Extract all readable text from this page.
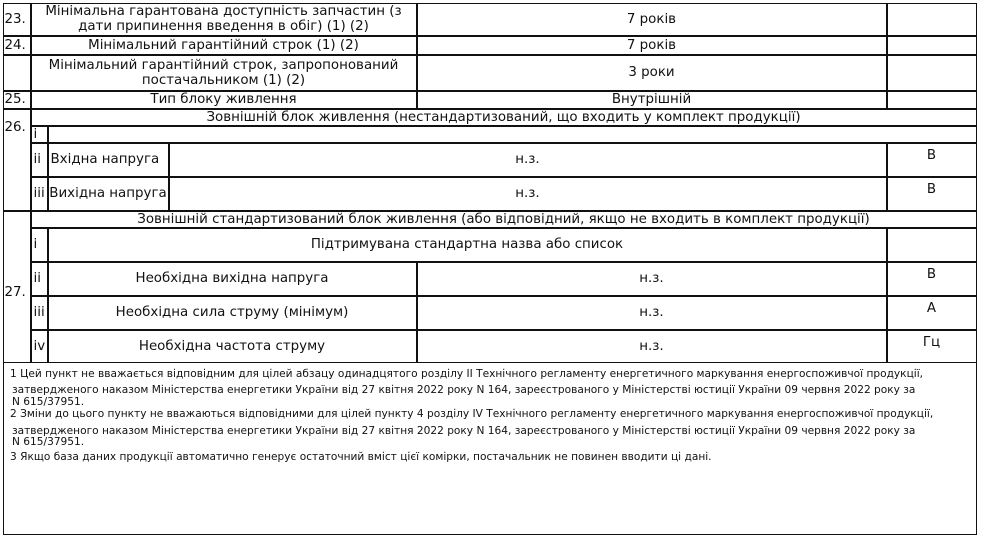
23.	Мінімальна гарантована доступність запчастин (з дати припинення введення в обіг) (1) (2)	7 років
24.	Мінімальний гарантійний строк (1) (2)	7 років
Мінімальний гарантійний строк, запропонований постачальником (1) (2)	3 роки
25.	Тип блоку живлення	Внутрішній
26.
Зовнішній блок живлення (нестандартизований, що входить у комплект продукції)
i
ii Вхідна напруга	н.з.	В
iii Вихідна напруга	н.з.	В
27.
Зовнішній стандартизований блок живлення (або відповідний, якщо не входить в комплект продукції)
i	Підтримувана стандартна назва або список
ii	Необхідна вихідна напруга	н.з.	В
iii	Необхідна сила струму (мінімум)	н.з.	А
iv	Необхідна частота струму	н.з.	Гц

1 Цей пункт не вважається відповідним для цілей абзацу одинадцятого розділу II Технічного регламенту енергетичного маркування енергоспоживчої продукції,

затвердженого наказом Міністерства енергетики України від 27 квітня 2022 року N 164, зареєстрованого у Міністерстві юстиції України 09 червня 2022 року за

N 615/37951.

2 Зміни до цього пункту не вважаються відповідними для цілей пункту 4 розділу IV Технічного регламенту енергетичного маркування енергоспоживчої продукції,

затвердженого наказом Міністерства енергетики України від 27 квітня 2022 року N 164, зареєстрованого у Міністерстві юстиції України 09 червня 2022 року за

N 615/37951.

3 Якщо база даних продукції автоматично генерує остаточний вміст цієї комірки, постачальник не повинен вводити ці дані.
